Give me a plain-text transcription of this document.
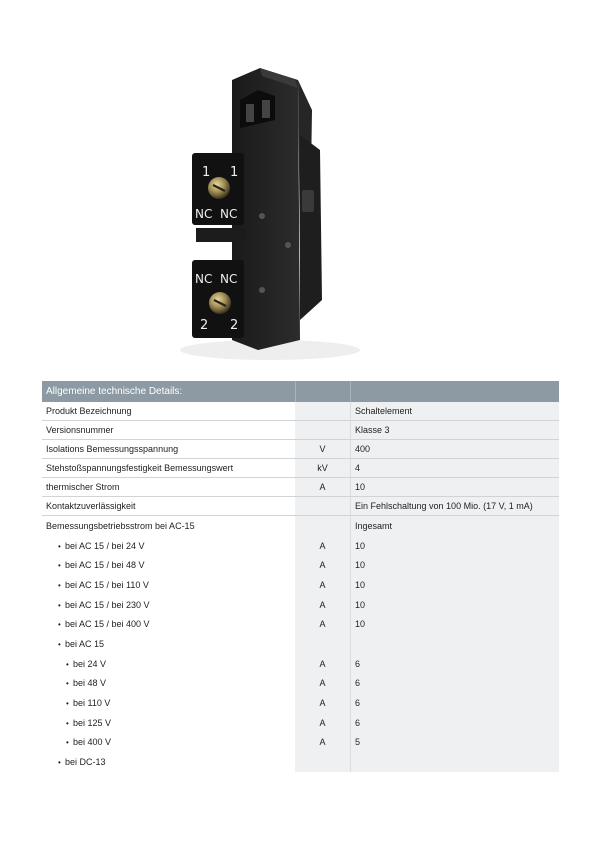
1 1
NC NC
NC NC
2 2
Allgemeine technische Details:
Produkt Bezeichnung	Schaltelement
Versionsnummer	Klasse 3
Isolations Bemessungsspannung	V	400
Stehstoßspannungsfestigkeit Bemessungswert	kV	4
thermischer Strom	A	10
Kontaktzuverlässigkeit	Ein Fehlschaltung von 100 Mio. (17 V, 1 mA)
Bemessungsbetriebsstrom bei AC-15	Ingesamt
• bei AC 15 / bei 24 V	A	10
• bei AC 15 / bei 48 V	A	10
• bei AC 15 / bei 110 V	A	10
• bei AC 15 / bei 230 V	A	10
• bei AC 15 / bei 400 V	A	10
• bei AC 15
• bei 24 V	A	6
• bei 48 V	A	6
• bei 110 V	A	6
• bei 125 V	A	6
• bei 400 V	A	5
• bei DC-13
